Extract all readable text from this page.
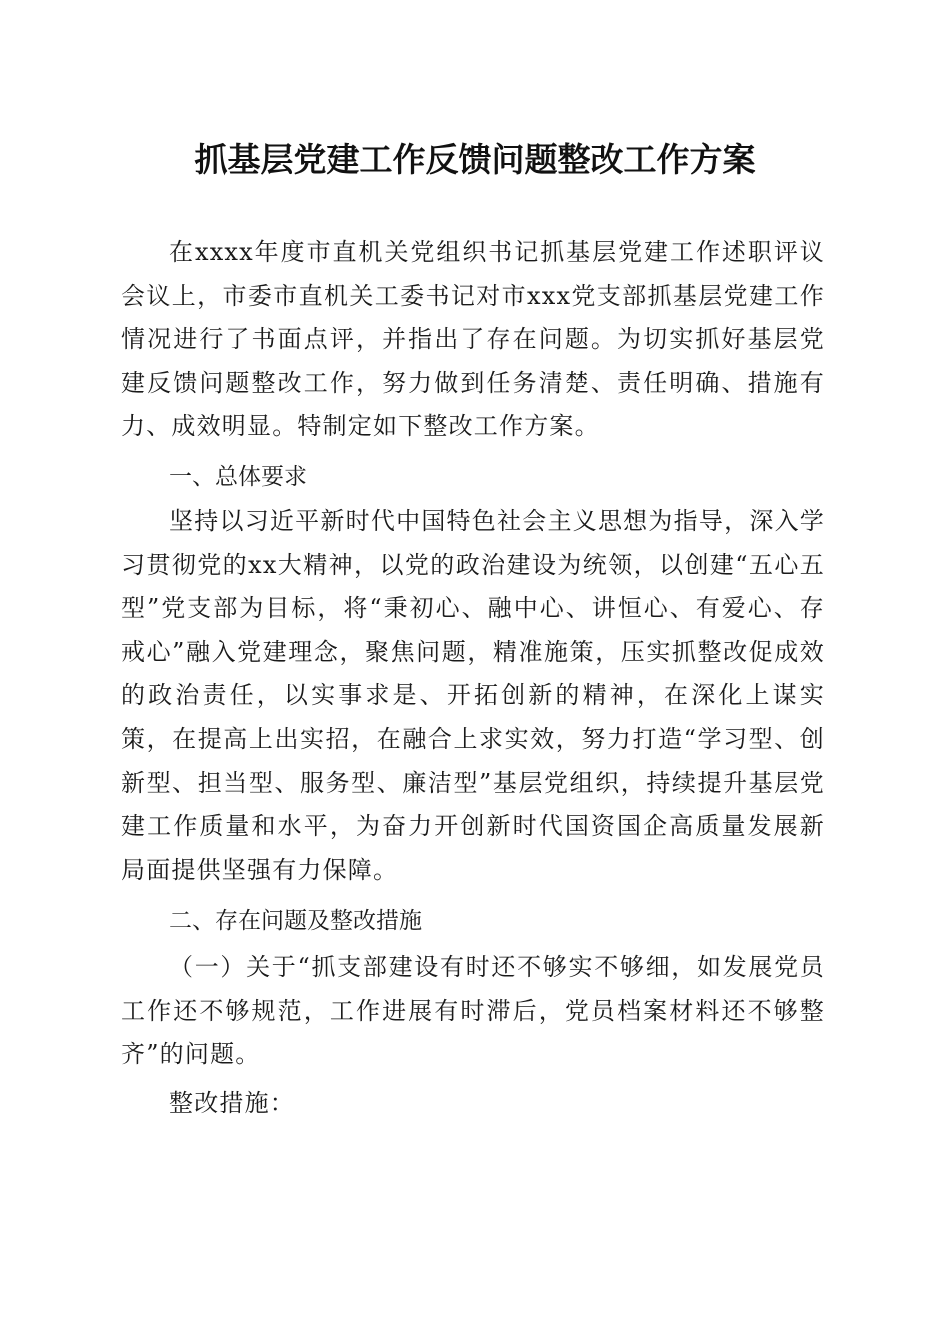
抓基层党建工作反馈问题整改工作方案

在xxxx年度市直机关党组织书记抓基层党建工作述职评议会议上，市委市直机关工委书记对市xxx党支部抓基层党建工作情况进行了书面点评，并指出了存在问题。为切实抓好基层党建反馈问题整改工作，努力做到任务清楚、责任明确、措施有力、成效明显。特制定如下整改工作方案。

一、总体要求

坚持以习近平新时代中国特色社会主义思想为指导，深入学习贯彻党的xx大精神，以党的政治建设为统领，以创建“五心五型”党支部为目标，将“秉初心、融中心、讲恒心、有爱心、存戒心”融入党建理念，聚焦问题，精准施策，压实抓整改促成效的政治责任，以实事求是、开拓创新的精神，在深化上谋实策，在提高上出实招，在融合上求实效，努力打造“学习型、创新型、担当型、服务型、廉洁型”基层党组织，持续提升基层党建工作质量和水平，为奋力开创新时代国资国企高质量发展新局面提供坚强有力保障。

二、存在问题及整改措施

（一）关于“抓支部建设有时还不够实不够细，如发展党员工作还不够规范，工作进展有时滞后，党员档案材料还不够整齐”的问题。

整改措施：
